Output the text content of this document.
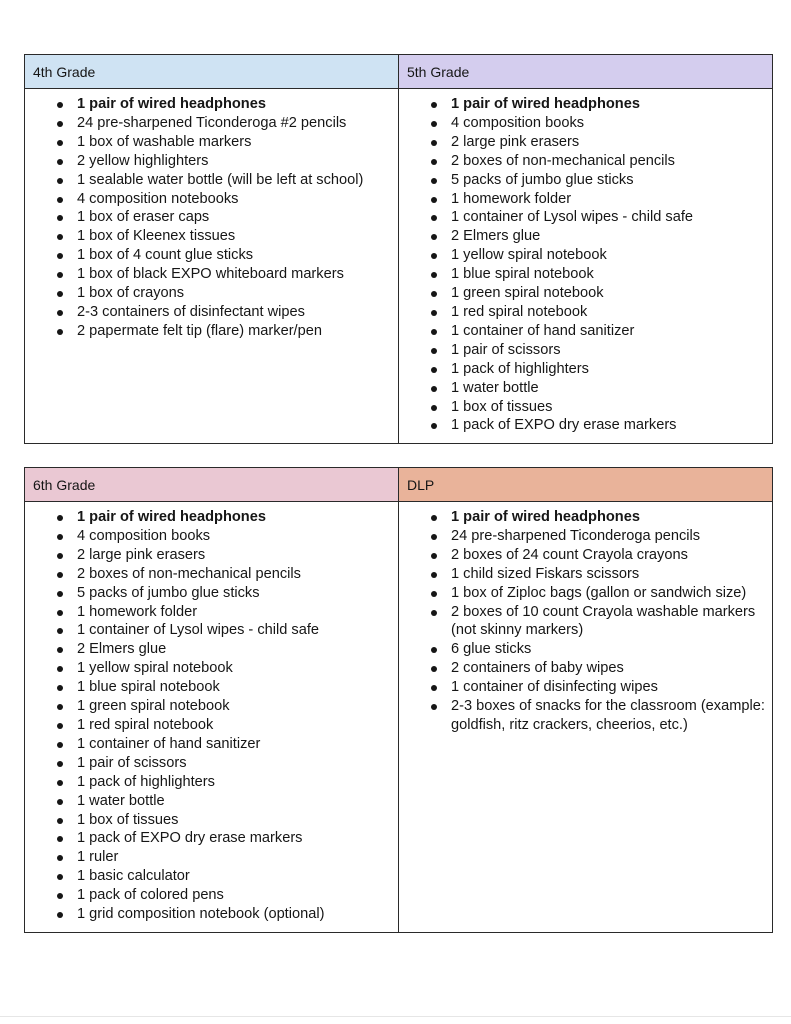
4th Grade	5th Grade
1 pair of wired headphones
24 pre-sharpened Ticonderoga #2 pencils
1 box of washable markers
2 yellow highlighters
1 sealable water bottle (will be left at school)
4 composition notebooks
1 box of eraser caps
1 box of Kleenex tissues
1 box of 4 count glue sticks
1 box of black EXPO whiteboard markers
1 box of crayons
2-3 containers of disinfectant wipes
2 papermate felt tip (flare) marker/pen
1 pair of wired headphones
4 composition books
2 large pink erasers
2 boxes of non-mechanical pencils
5 packs of jumbo glue sticks
1 homework folder
1 container of Lysol wipes - child safe
2 Elmers glue
1 yellow spiral notebook
1 blue spiral notebook
1 green spiral notebook
1 red spiral notebook
1 container of hand sanitizer
1 pair of scissors
1 pack of highlighters
1 water bottle
1 box of tissues
1 pack of EXPO dry erase markers
6th Grade	DLP
1 pair of wired headphones
4 composition books
2 large pink erasers
2 boxes of non-mechanical pencils
5 packs of jumbo glue sticks
1 homework folder
1 container of Lysol wipes - child safe
2 Elmers glue
1 yellow spiral notebook
1 blue spiral notebook
1 green spiral notebook
1 red spiral notebook
1 container of hand sanitizer
1 pair of scissors
1 pack of highlighters
1 water bottle
1 box of tissues
1 pack of EXPO dry erase markers
1 ruler
1 basic calculator
1 pack of colored pens
1 grid composition notebook (optional)
1 pair of wired headphones
24 pre-sharpened Ticonderoga pencils
2 boxes of 24 count Crayola crayons
1 child sized Fiskars scissors
1 box of Ziploc bags (gallon or sandwich size)
2 boxes of 10 count Crayola washable markers (not skinny markers)
6 glue sticks
2 containers of baby wipes
1 container of disinfecting wipes
2-3 boxes of snacks for the classroom (example: goldfish, ritz crackers, cheerios, etc.)
